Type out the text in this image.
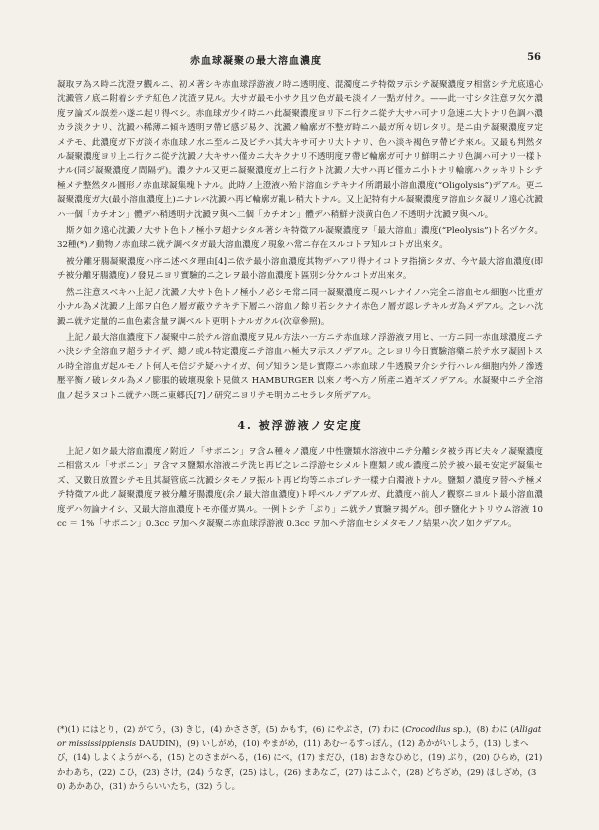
赤血球凝聚の最大溶血濃度	56

凝取ヲ為ス時ニ沈澄ヲ觀ルニ、初メ著シキ赤血球浮游液ノ時ニ透明度、混濁度ニテ特徵ヲ示シテ凝聚濃度ヲ相當シテ尤底遠心沈澱管ノ底ニ附着シテテ紅色ノ沈渣ヲ見ル。大サガ最モ小サク且ツ色ガ最モ淡イノ一點ガ付ク。——此一寸シタ注意ヲ欠ケ濃度ヲ論ズル誤差ハ遂ニ起リ得ベシ。赤血球ガ少イ時ニハ此凝聚濃度ヨリ下ニ行クニ從テ大サハ可ナリ急速ニ大トナリ色調ハ濃カラ淡クナリ、沈澱ハ稀薄ニ傾キ透明ヲ帶ビ感ジ易ク、沈澱ノ輪廓ガ不整ガ時ニハ最ガ所々切レタリ。是ニ由テ凝聚濃度ヲ定メテモ、此濃度ガ下ガ淡イ赤血球ノ水ニ至ルニ及ビテハ其大キサ可ナリ大トナリ、色ハ淡キ褐色ヲ帶ビテ來ル。又最も判然タル凝聚濃度ヨリ上ニ行クニ從テ沈澱ノ大キサハ僅カニ大キクナリ不透明度ヲ帶ビ輪廓ガ可ナリ鮮明ニナリ色調ハ可ナリ一樣トナル(同ジ凝聚濃度ノ間隔デ)。濃クナル又更ニ凝聚濃度ガ上ニ行クト沈澱ノ大サハ再ビ僅カニ小トナリ輪廓ハクッキリトシテ極メテ整然タル圓形ノ赤血球凝集塊トナル。此時ノ上澄液ハ殆ド溶血シテキナイ所謂最小溶血濃度(“Oligolysis”)デアル。更ニ凝聚濃度ガ大(最小溶血濃度上)ニナレバ沈澱ハ再ビ輪廓ガ亂レ稍大トナル。又上記特有ナル凝聚濃度ヲ溶血シタ凝リノ遠心沈澱ハ一個「カチオン」體デハ稍透明ナ沈澱ヲ與ヘ二個「カチオン」體デハ稍鮮ナ淡黄白色ノ不透明ナ沈澱ヲ與ヘル。

斯ク如ク遠心沈澱ノ大サト色トノ極小ヲ超ナシタル著シキ特徵アル凝聚濃度ヲ「最大溶血」濃度(“Pleolysis”)ト名ヅケタ。32種(*)ノ動物ノ赤血球ニ就テ調ベタガ最大溶血濃度ノ現象ハ常ニ存在スルコトヲ知ルコトガ出來タ。

被分離牙腸凝聚濃度ハ序ニ述ベタ理由[4]ニ依テ最小溶血濃度其物デハアリ得ナイコトヲ指摘シタガ、今ヤ最大溶血濃度(即チ被分離牙腸濃度)ノ發見ニヨリ實驗的ニ之レヲ最小溶血濃度ト區別シ分ケルコトガ出來タ。

然ニ注意スベキハ上記ノ沈澱ノ大サト色トノ極小ノ必シモ常ニ同一凝聚濃度ニ現ハレナイノハ完全ニ溶血セル細胞ハ比重ガ小ナル為メ沈澱ノ上部ヲ白色ノ層ガ蔽ウテキテ下層ニハ溶血ノ餘リ若シクナイ赤色ノ層ガ認レテキルガ為メデアル。之レハ沈澱ニ就テ定量的ニ血色素含量ヲ調ベルト更明トナルガクル(次章參照)。

上記ノ最大溶血濃度下ノ凝聚中ニ於テル溶血濃度ヲ見ル方法ハ一方ニテ赤血球ノ浮游液ヲ用ヒ、一方ニ同一赤血球濃度ニテハ決シテ全溶血ヲ超ラナイデ、總ノ或ル特定濃度ニテ溶血ハ極大ヲ示スノデアル。之レヨリ今日實驗溶藥ニ於テ水ヲ凝固トスル時全溶血ガ起ルモノト何人モ信ジテ疑ハナイガ、何ゾ知ラン是レ實際ニハ赤血球ノ牛透膜ヲ介シテ行ハレル細胞内外ノ滲透壓平衡ノ破レタル為メノ膨脹的破壞現象ト見做ス HAMBURGER 以來ノ考ヘ方ノ所產ニ過ギズノデアル。水凝聚中ニテ全溶血ノ起ラヌコトニ就テハ既ニ東郷氏[7]ノ研究ニヨリテモ明カニセラレタ所デアル。

4. 被浮游液ノ安定度

上記ノ如ク最大溶血濃度ノ附近ノ「サポニン」ヲ含ム種々ノ濃度ノ中性鹽類水溶液中ニテ分離シタ被ラ再ビ夫々ノ凝聚濃度ニ相當スル「サポニン」ヲ含マヌ鹽類水溶液ニテ洗ヒ再ビ之レニ浮游セシメルト塵類ノ或ル濃度ニ於テ被ハ最モ安定デ凝集セズ、又數日放置シテモ且其凝管底ニ沈澱シタモノヲ振ルト再ビ均等ニホゴレテ一樣ナ白濁液トナル。鹽類ノ濃度ヲ替ヘテ極メテ特徵アル此ノ凝聚濃度ヲ被分離牙腸濃度(余ノ最大溶血濃度)ト呼ベルノデアルガ、此濃度ハ前人ノ觀察ニヨルト最小溶血濃度デハ勿論ナイシ、又最大溶血濃度トモ亦僅ガ異ル。一例トシテ「ぶり」ニ就テノ實驗ヲ揭ゲル。卽チ鹽化ナトリウム溶液 10cc ＝ 1%「サポニン」0.3cc ヲ加ヘタ凝聚ニ赤血球浮游液 0.3cc ヲ加ヘテ溶血セシメタモノノ結果ハ次ノ如クデアル。

(*)(1) にはとり，(2) がてう，(3) きじ，(4) かささぎ，(5) かもす，(6) にやぶさ，(7) わに (Crocodilus sp.)，(8) わに (Alligator mississippiensis DAUDIN)，(9) いしがめ，(10) やまがめ，(11) あむーるすっぽん，(12) あかがいしよう，(13) しまへび，(14) しよくようがへる，(15) とのさまがへる，(16) にべ，(17) まだひ，(18) おきなひめじ，(19) ぶり，(20) ひらめ，(21) かわあち，(22) こひ，(23) さけ，(24) うなぎ，(25) はし，(26) まあなご，(27) はこふぐ，(28) どちざめ，(29) ほしざめ，(30) あかあひ，(31) かうらいいたち，(32) うし。
